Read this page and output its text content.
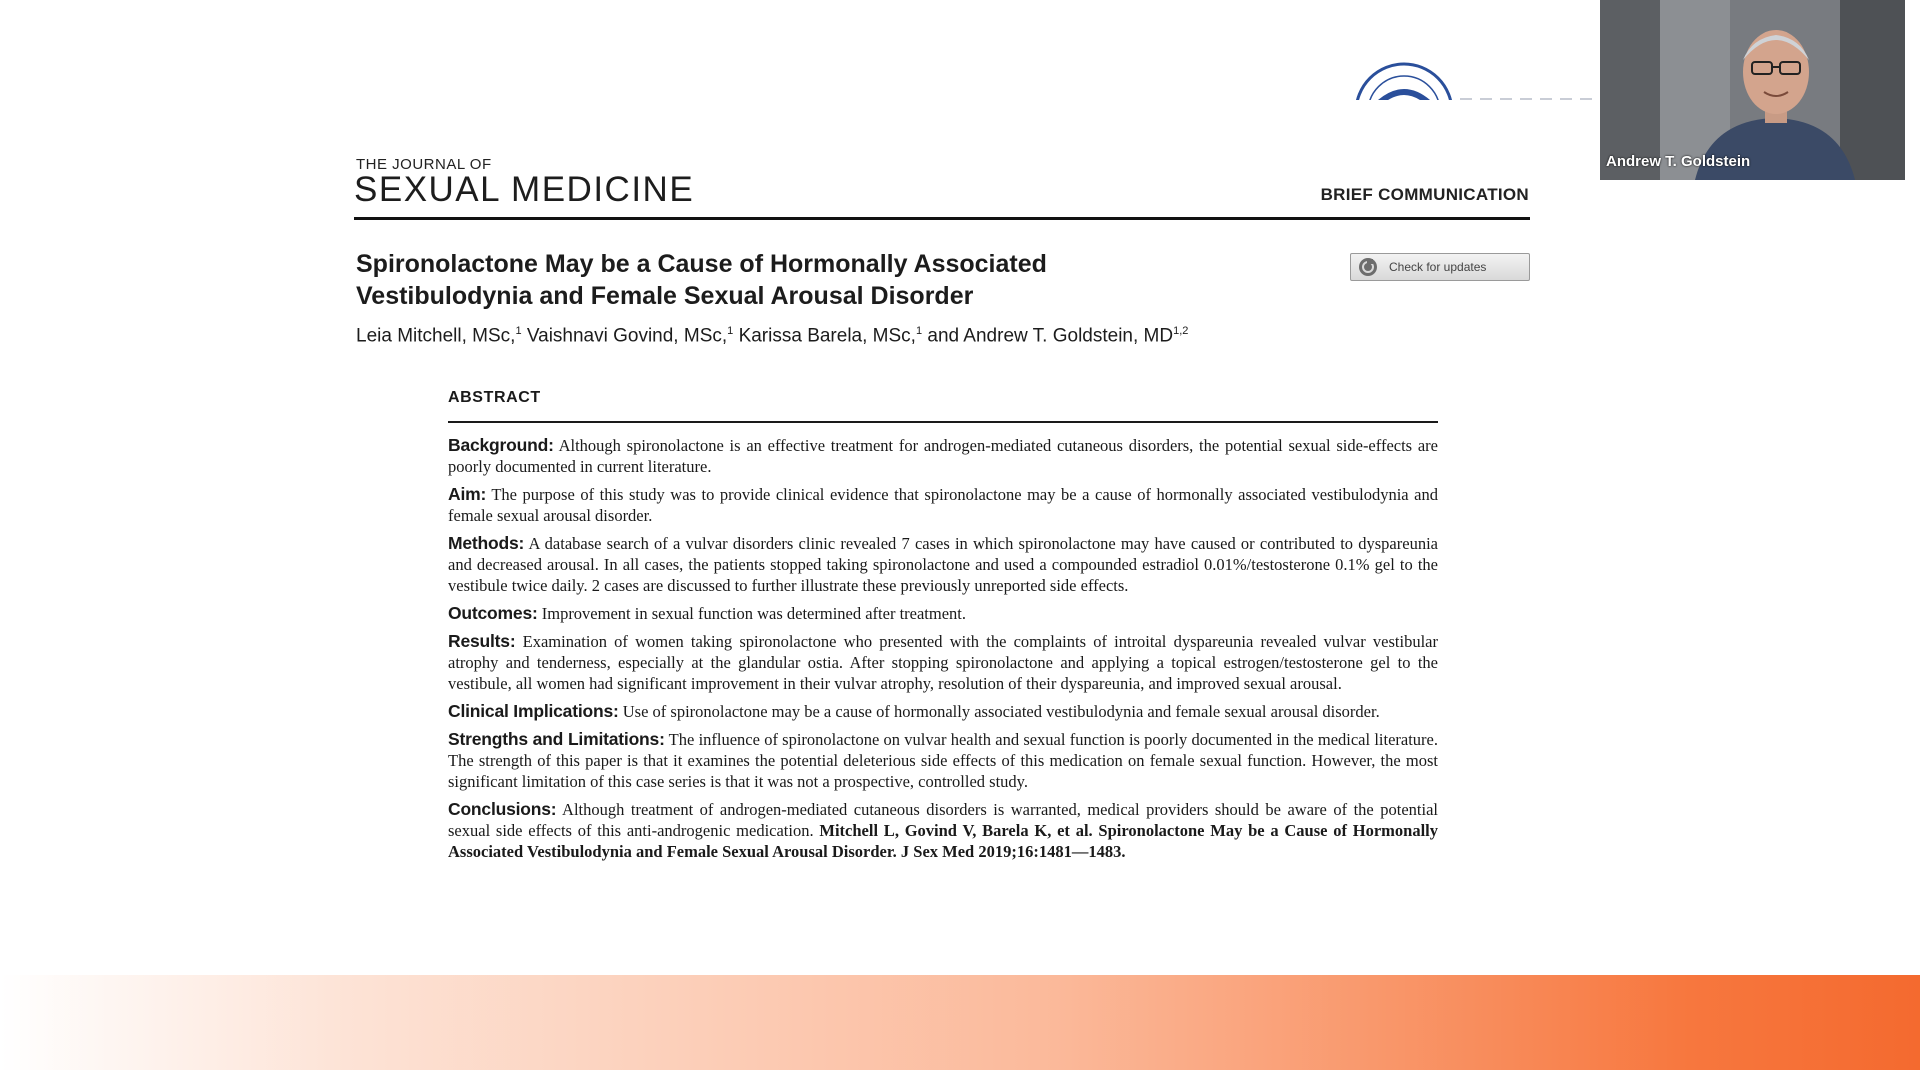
THE JOURNAL OF
SEXUAL MEDICINE	BRIEF COMMUNICATION
Spironolactone May be a Cause of Hormonally Associated
Vestibulodynia and Female Sexual Arousal Disorder
Check for updates
Leia Mitchell, MSc,$^1$ Vaishnavi Govind, MSc,$^1$ Karissa Barela, MSc,$^1$ and Andrew T. Goldstein, MD$^{1,2}$
ABSTRACT

Background: Although spironolactone is an effective treatment for androgen-mediated cutaneous disorders, the potential sexual side-effects are poorly documented in current literature.

Aim: The purpose of this study was to provide clinical evidence that spironolactone may be a cause of hormonally associated vestibulodynia and female sexual arousal disorder.

Methods: A database search of a vulvar disorders clinic revealed 7 cases in which spironolactone may have caused or contributed to dyspareunia and decreased arousal. In all cases, the patients stopped taking spironolactone and used a compounded estradiol 0.01%/testosterone 0.1% gel to the vestibule twice daily. 2 cases are discussed to further illustrate these previously unreported side effects.

Outcomes: Improvement in sexual function was determined after treatment.

Results: Examination of women taking spironolactone who presented with the complaints of introital dyspareunia revealed vulvar vestibular atrophy and tenderness, especially at the glandular ostia. After stopping spironolactone and applying a topical estrogen/testosterone gel to the vestibule, all women had significant improvement in their vulvar atrophy, resolution of their dyspareunia, and improved sexual arousal.

Clinical Implications: Use of spironolactone may be a cause of hormonally associated vestibulodynia and female sexual arousal disorder.

Strengths and Limitations: The influence of spironolactone on vulvar health and sexual function is poorly documented in the medical literature. The strength of this paper is that it examines the potential deleterious side effects of this medication on female sexual function. However, the most significant limitation of this case series is that it was not a prospective, controlled study.

Conclusions: Although treatment of androgen-mediated cutaneous disorders is warranted, medical providers should be aware of the potential sexual side effects of this anti-androgenic medication. Mitchell L, Govind V, Barela K, et al. Spironolactone May be a Cause of Hormonally Associated Vestibulodynia and Female Sexual Arousal Disorder. J Sex Med 2019;16:1481—1483.

Andrew T. Goldstein
